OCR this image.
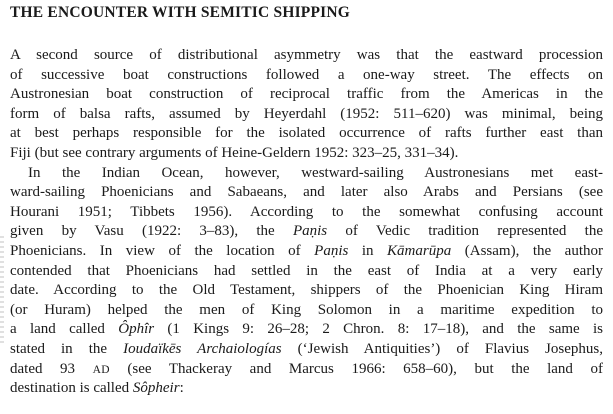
THE ENCOUNTER WITH SEMITIC SHIPPING
A second source of distributional asymmetry was that the eastward procession
of successive boat constructions followed a one-way street. The effects on
Austronesian boat construction of reciprocal traffic from the Americas in the
form of balsa rafts, assumed by Heyerdahl (1952: 511–620) was minimal, being
at best perhaps responsible for the isolated occurrence of rafts further east than
Fiji (but see contrary arguments of Heine-Geldern 1952: 323–25, 331–34).
In the Indian Ocean, however, westward-sailing Austronesians met east-
ward-sailing Phoenicians and Sabaeans, and later also Arabs and Persians (see
Hourani 1951; Tibbets 1956). According to the somewhat confusing account
given by Vasu (1922: 3–83), the Paṇis of Vedic tradition represented the
Phoenicians. In view of the location of Paṇis in Kāmarūpa (Assam), the author
contended that Phoenicians had settled in the east of India at a very early
date. According to the Old Testament, shippers of the Phoenician King Hiram
(or Huram) helped the men of King Solomon in a maritime expedition to
a land called Ôphîr (1 Kings 9: 26–28; 2 Chron. 8: 17–18), and the same is
stated in the Ioudaïkēs Archaiologías (‘Jewish Antiquities’) of Flavius Josephus,
dated 93 AD (see Thackeray and Marcus 1966: 658–60), but the land of
destination is called Sôpheir:
